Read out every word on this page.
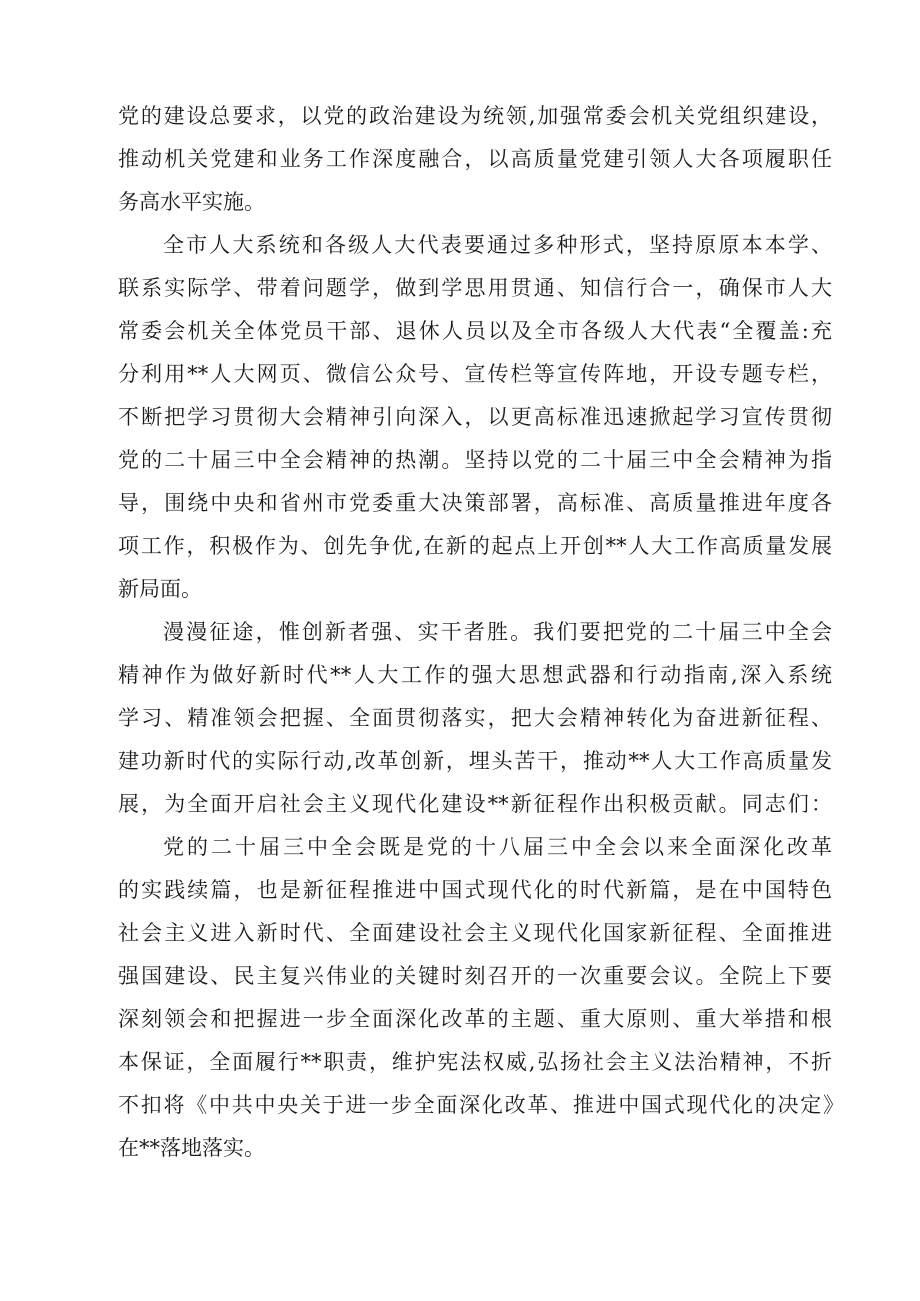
党的建设总要求，以党的政治建设为统领,加强常委会机关党组织建设，
推动机关党建和业务工作深度融合，以高质量党建引领人大各项履职任
务高水平实施。
全市人大系统和各级人大代表要通过多种形式，坚持原原本本学、
联系实际学、带着问题学，做到学思用贯通、知信行合一，确保市人大
常委会机关全体党员干部、退休人员以及全市各级人大代表“全覆盖:充
分利用**人大网页、微信公众号、宣传栏等宣传阵地，开设专题专栏，
不断把学习贯彻大会精神引向深入，以更高标准迅速掀起学习宣传贯彻
党的二十届三中全会精神的热潮。坚持以党的二十届三中全会精神为指
导，围绕中央和省州市党委重大决策部署，高标准、高质量推进年度各
项工作，积极作为、创先争优,在新的起点上开创**人大工作高质量发展
新局面。
漫漫征途，惟创新者强、实干者胜。我们要把党的二十届三中全会
精神作为做好新时代**人大工作的强大思想武器和行动指南,深入系统
学习、精准领会把握、全面贯彻落实，把大会精神转化为奋进新征程、
建功新时代的实际行动,改革创新，埋头苦干，推动**人大工作高质量发
展，为全面开启社会主义现代化建设**新征程作出积极贡献。同志们：
党的二十届三中全会既是党的十八届三中全会以来全面深化改革
的实践续篇，也是新征程推进中国式现代化的时代新篇，是在中国特色
社会主义进入新时代、全面建设社会主义现代化国家新征程、全面推进
强国建设、民主复兴伟业的关键时刻召开的一次重要会议。全院上下要
深刻领会和把握进一步全面深化改革的主题、重大原则、重大举措和根
本保证，全面履行**职责，维护宪法权威,弘扬社会主义法治精神，不折
不扣将《中共中央关于进一步全面深化改革、推进中国式现代化的决定》
在**落地落实。
